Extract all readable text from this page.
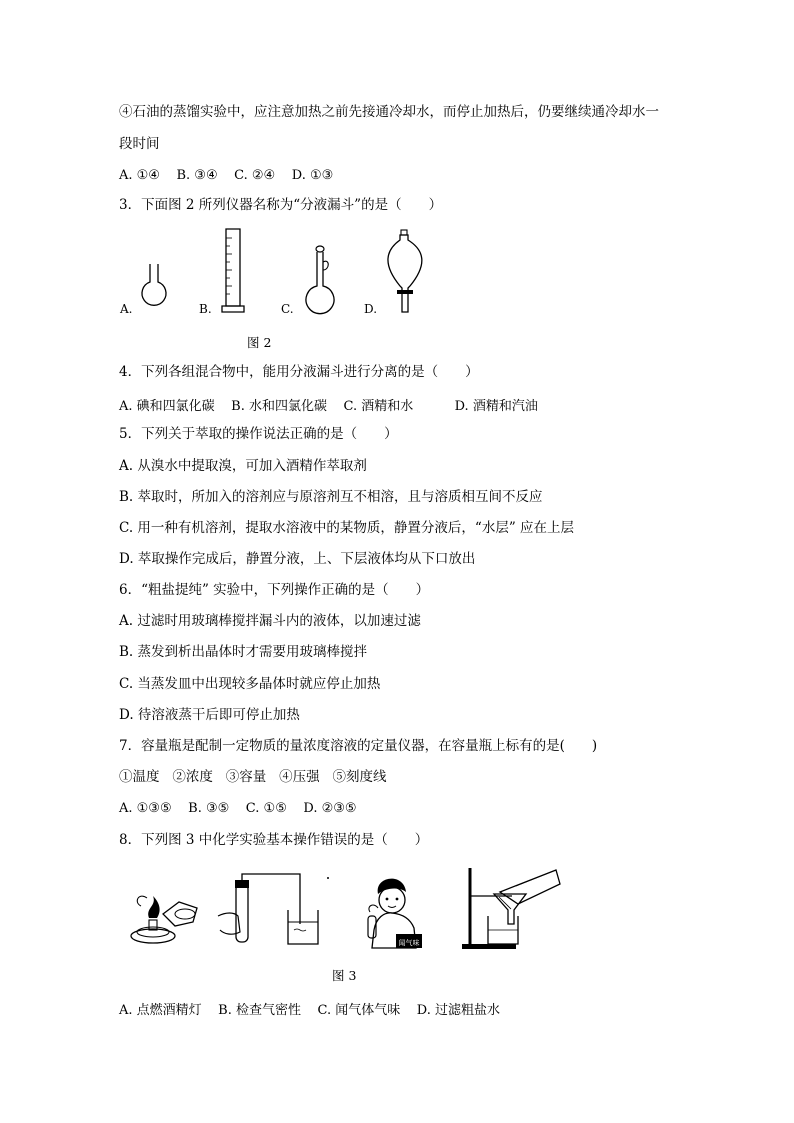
④石油的蒸馏实验中，应注意加热之前先接通冷却水，而停止加热后，仍要继续通冷却水一
段时间
A. ①④    B. ③④    C. ②④    D. ①③
3．下面图 2 所列仪器名称为“分液漏斗”的是（　　）
A.	B.	C.	D.
图 2
4．下列各组混合物中，能用分液漏斗进行分离的是（　　）
A. 碘和四氯化碳    B. 水和四氯化碳    C. 酒精和水          D. 酒精和汽油
5．下列关于萃取的操作说法正确的是（　　）
A. 从溴水中提取溴，可加入酒精作萃取剂
B. 萃取时，所加入的溶剂应与原溶剂互不相溶，且与溶质相互间不反应
C. 用一种有机溶剂，提取水溶液中的某物质，静置分液后，“水层” 应在上层
D. 萃取操作完成后，静置分液，上、下层液体均从下口放出
6．“粗盐提纯” 实验中，下列操作正确的是（　　）
A. 过滤时用玻璃棒搅拌漏斗内的液体，以加速过滤
B. 蒸发到析出晶体时才需要用玻璃棒搅拌
C. 当蒸发皿中出现较多晶体时就应停止加热
D. 待溶液蒸干后即可停止加热
7．容量瓶是配制一定物质的量浓度溶液的定量仪器，在容量瓶上标有的是(　　)
①温度   ②浓度   ③容量   ④压强   ⑤刻度线
A. ①③⑤    B. ③⑤    C. ①⑤    D. ②③⑤
8．下列图 3 中化学实验基本操作错误的是（　　）
闻气味
图 3
A. 点燃酒精灯    B. 检查气密性    C. 闻气体气味    D. 过滤粗盐水
